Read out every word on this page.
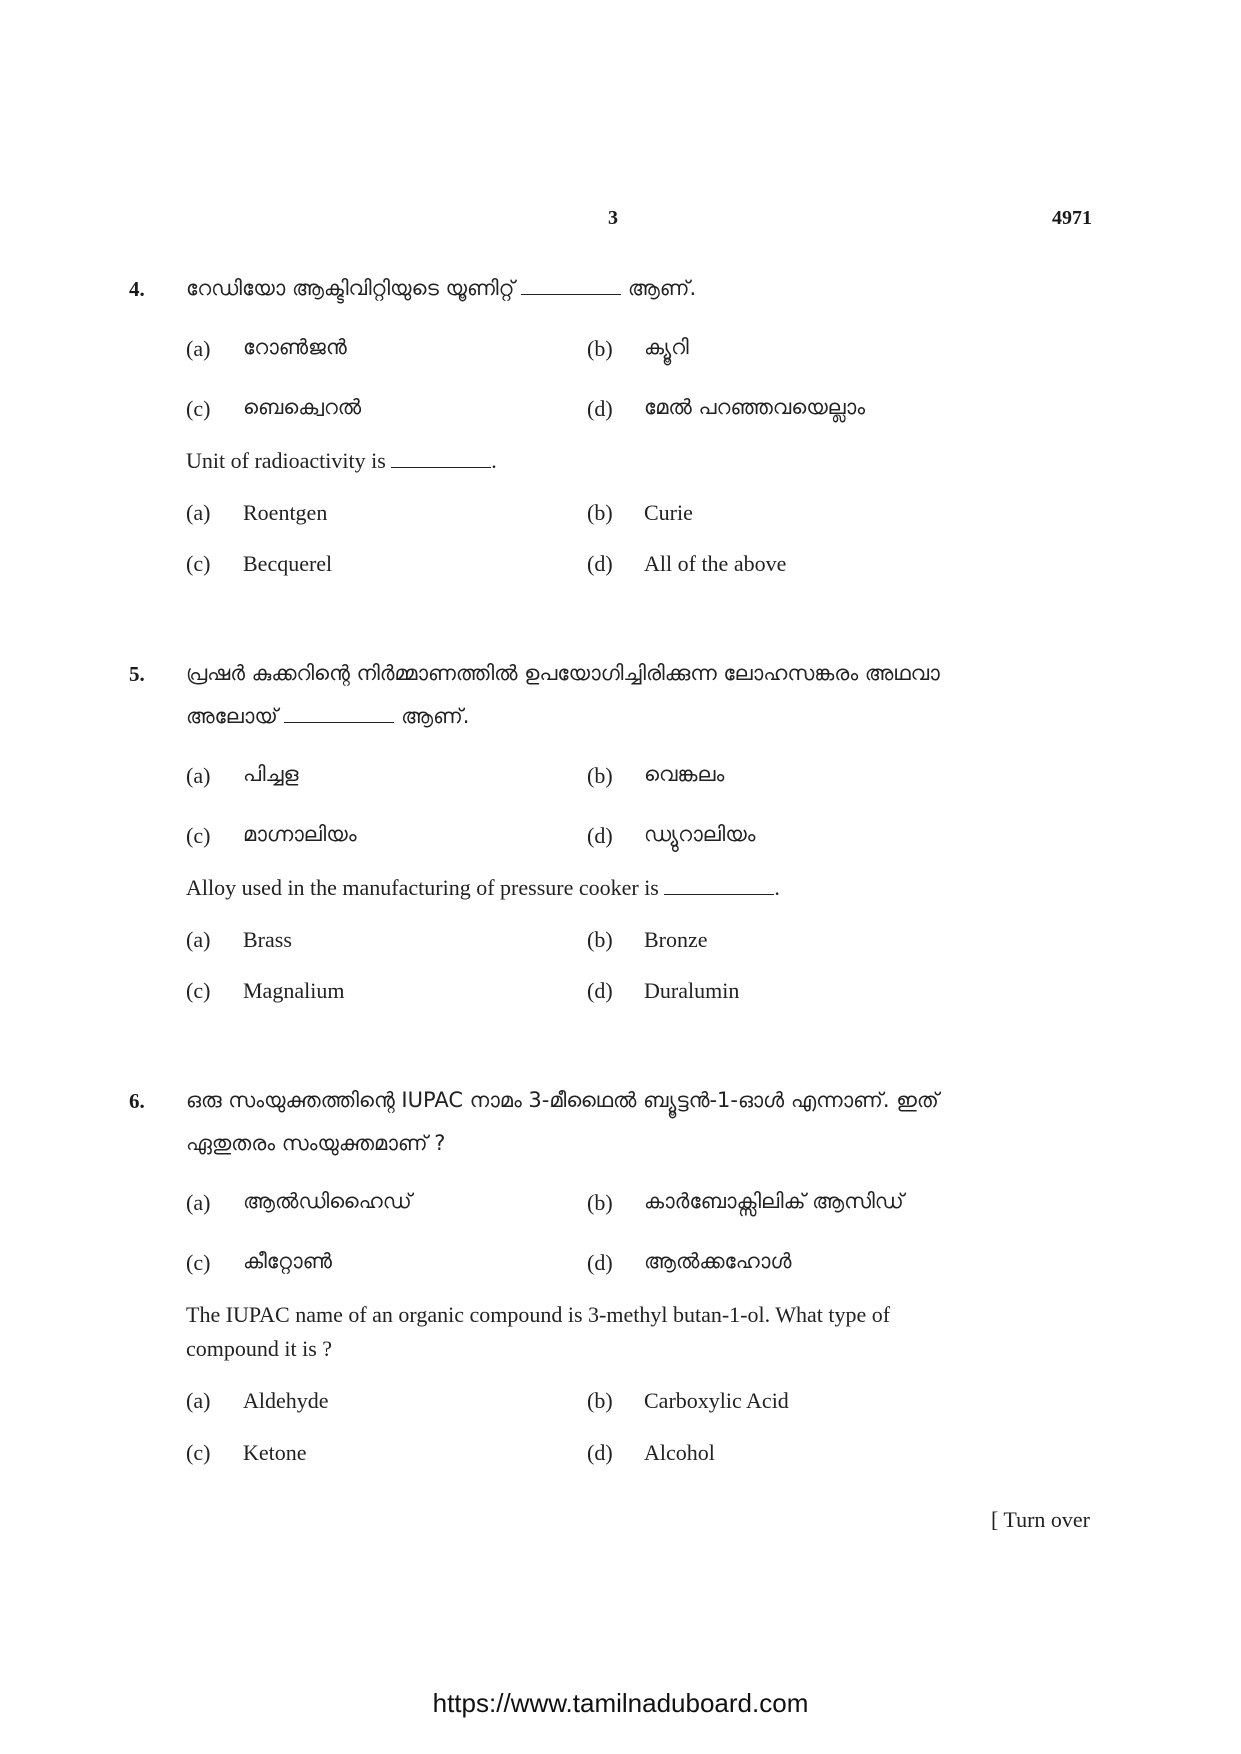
3	4971
4. റേഡിയോ ആക്ടിവിറ്റിയുടെ യൂണിറ്റ്	ആണ്.
(a) റോൺജൻ	(b) ക്യൂറി
(c) ബെക്വെറൽ	(d) മേൽ പറഞ്ഞവയെല്ലാം
Unit of radioactivity is	.
(a) Roentgen	(b) Curie
(c) Becquerel	(d) All of the above
5. പ്രഷർ കുക്കറിന്റെ നിർമ്മാണത്തിൽ ഉപയോഗിച്ചിരിക്കുന്ന ലോഹസങ്കരം അഥവാ
അലോയ്	ആണ്.
(a) പിച്ചള	(b) വെങ്കലം
(c) മാഗ്നാലിയം	(d) ഡ്യുറാലിയം
Alloy used in the manufacturing of pressure cooker is	.
(a) Brass	(b) Bronze
(c) Magnalium	(d) Duralumin
6. ഒരു സംയുക്തത്തിന്റെ IUPAC നാമം 3-മീഥൈൽ ബ്യൂട്ടൻ-1-ഓൾ എന്നാണ്. ഇത്
ഏതുതരം സംയുക്തമാണ് ?
(a) ആൽഡിഹൈഡ്	(b) കാർബോക്സിലിക് ആസിഡ്
(c) കീറ്റോൺ	(d) ആൽക്കഹോൾ
The IUPAC name of an organic compound is 3-methyl butan-1-ol. What type of
compound it is ?
(a) Aldehyde	(b) Carboxylic Acid
(c) Ketone	(d) Alcohol
[ Turn over
https://www.tamilnaduboard.com
